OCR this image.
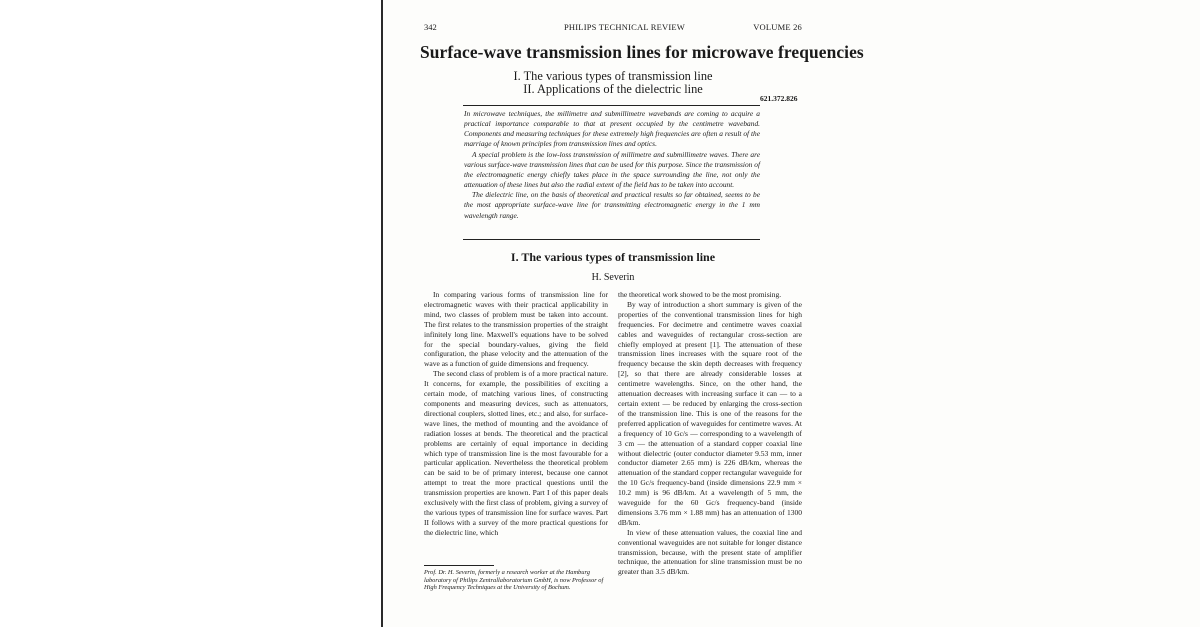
342	PHILIPS TECHNICAL REVIEW	VOLUME 26
Surface-wave transmission lines for microwave frequencies
I. The various types of transmission line
II. Applications of the dielectric line
621.372.826

In microwave techniques, the millimetre and submillimetre wavebands are coming to acquire a practical importance comparable to that at present occupied by the centimetre waveband. Components and measuring techniques for these extremely high frequencies are often a result of the marriage of known principles from transmission lines and optics.

A special problem is the low-loss transmission of millimetre and submillimetre waves. There are various surface-wave transmission lines that can be used for this purpose. Since the transmission of the electromagnetic energy chiefly takes place in the space surrounding the line, not only the attenuation of these lines but also the radial extent of the field has to be taken into account.

The dielectric line, on the basis of theoretical and practical results so far obtained, seems to be the most appropriate surface-wave line for transmitting electromagnetic energy in the 1 mm wavelength range.

I. The various types of transmission line
H. Severin

In comparing various forms of transmission line for electromagnetic waves with their practical applicability in mind, two classes of problem must be taken into account. The first relates to the transmission properties of the straight infinitely long line. Maxwell's equations have to be solved for the special boundary-values, giving the field configuration, the phase velocity and the attenuation of the wave as a function of guide dimensions and frequency.

The second class of problem is of a more practical nature. It concerns, for example, the possibilities of exciting a certain mode, of matching various lines, of constructing components and measuring devices, such as attenuators, directional couplers, slotted lines, etc.; and also, for surface-wave lines, the method of mounting and the avoidance of radiation losses at bends. The theoretical and the practical problems are certainly of equal importance in deciding which type of transmission line is the most favourable for a particular application. Nevertheless the theoretical problem can be said to be of primary interest, because one cannot attempt to treat the more practical questions until the transmission properties are known. Part I of this paper deals exclusively with the first class of problem, giving a survey of the various types of transmission line for surface waves. Part II follows with a survey of the more practical questions for the dielectric line, which

Prof. Dr. H. Severin, formerly a research worker at the Hamburg laboratory of Philips Zentrallaboratorium GmbH, is now Professor of High Frequency Techniques at the University of Bochum.

the theoretical work showed to be the most promising.

By way of introduction a short summary is given of the properties of the conventional transmission lines for high frequencies. For decimetre and centimetre waves coaxial cables and waveguides of rectangular cross-section are chiefly employed at present [1]. The attenuation of these transmission lines increases with the square root of the frequency because the skin depth decreases with frequency [2], so that there are already considerable losses at centimetre wavelengths. Since, on the other hand, the attenuation decreases with increasing surface it can — to a certain extent — be reduced by enlarging the cross-section of the transmission line. This is one of the reasons for the preferred application of waveguides for centimetre waves. At a frequency of 10 Gc/s — corresponding to a wavelength of 3 cm — the attenuation of a standard copper coaxial line without dielectric (outer conductor diameter 9.53 mm, inner conductor diameter 2.65 mm) is 226 dB/km, whereas the attenuation of the standard copper rectangular waveguide for the 10 Gc/s frequency-band (inside dimensions 22.9 mm × 10.2 mm) is 96 dB/km. At a wavelength of 5 mm, the waveguide for the 60 Gc/s frequency-band (inside dimensions 3.76 mm × 1.88 mm) has an attenuation of 1300 dB/km.

In view of these attenuation values, the coaxial line and conventional waveguides are not suitable for longer distance transmission, because, with the present state of amplifier technique, the attenuation for sline transmission must be no greater than 3.5 dB/km.
